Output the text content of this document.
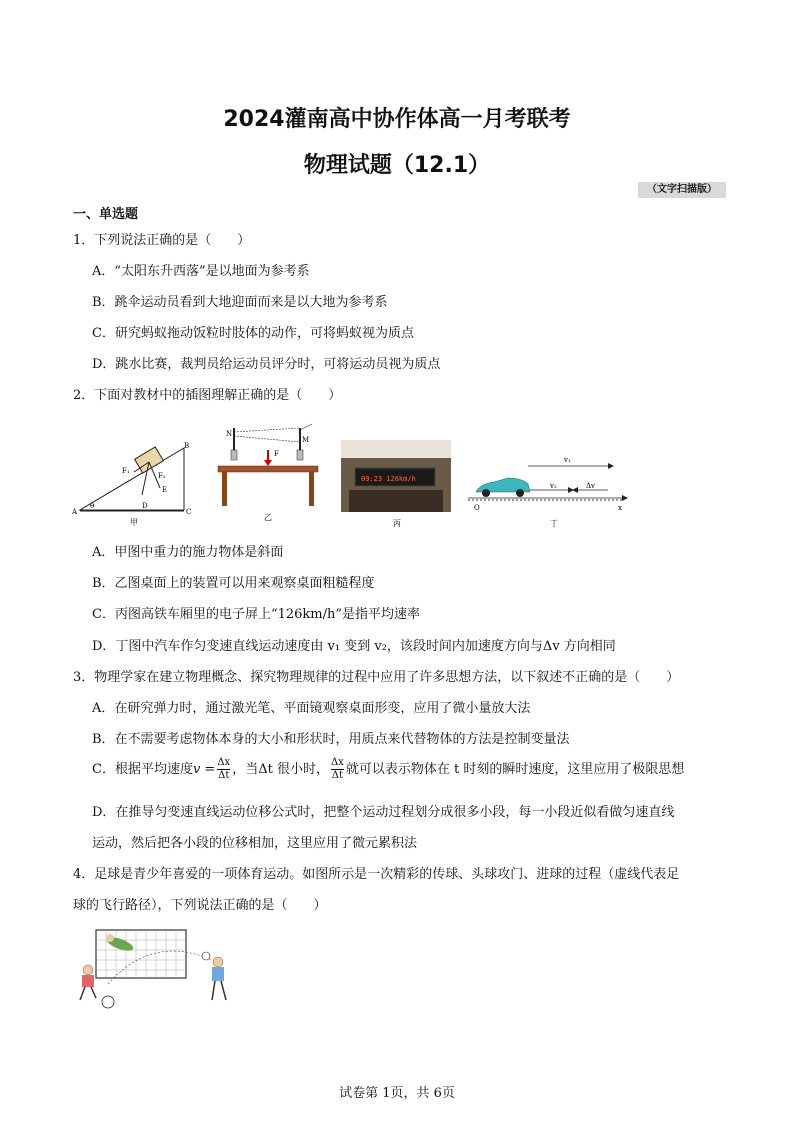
2024灌南高中协作体高一月考联考
物理试题（12.1）
（文字扫描版）
一、单选题
1．下列说法正确的是（　　）
A．“太阳东升西落”是以地面为参考系
B．跳伞运动员看到大地迎面而来是以大地为参考系
C．研究蚂蚁拖动饭粒时肢体的动作，可将蚂蚁视为质点
D．跳水比赛，裁判员给运动员评分时，可将运动员视为质点
2．下面对教材中的插图理解正确的是（　　）
B
A
D
C
E
F₁
F₂
θ
甲
N
M
F
乙
09:23 126km/h
丙
v₁
v₂	Δv
O	x
丁
A．甲图中重力的施力物体是斜面
B．乙图桌面上的装置可以用来观察桌面粗糙程度
C．丙图高铁车厢里的电子屏上“126km/h”是指平均速率
D．丁图中汽车作匀变速直线运动速度由 v₁ 变到 v₂，该段时间内加速度方向与Δv 方向相同
3．物理学家在建立物理概念、探究物理规律的过程中应用了许多思想方法，以下叙述不正确的是（　　）
A．在研究弹力时，通过激光笔、平面镜观察桌面形变，应用了微小量放大法
B．在不需要考虑物体本身的大小和形状时，用质点来代替物体的方法是控制变量法
C．根据平均速度$v = \frac{\Delta x}{\Delta t}$ ，当Δt 很小时， $\frac{\Delta x}{\Delta t}$ 就可以表示物体在 t 时刻的瞬时速度，这里应用了极限思想
D．在推导匀变速直线运动位移公式时，把整个运动过程划分成很多小段，每一小段近似看做匀速直线
运动，然后把各小段的位移相加，这里应用了微元累积法
4．足球是青少年喜爱的一项体育运动。如图所示是一次精彩的传球、头球攻门、进球的过程（虚线代表足
球的飞行路径），下列说法正确的是（　　）
试卷第 1页，共 6页
